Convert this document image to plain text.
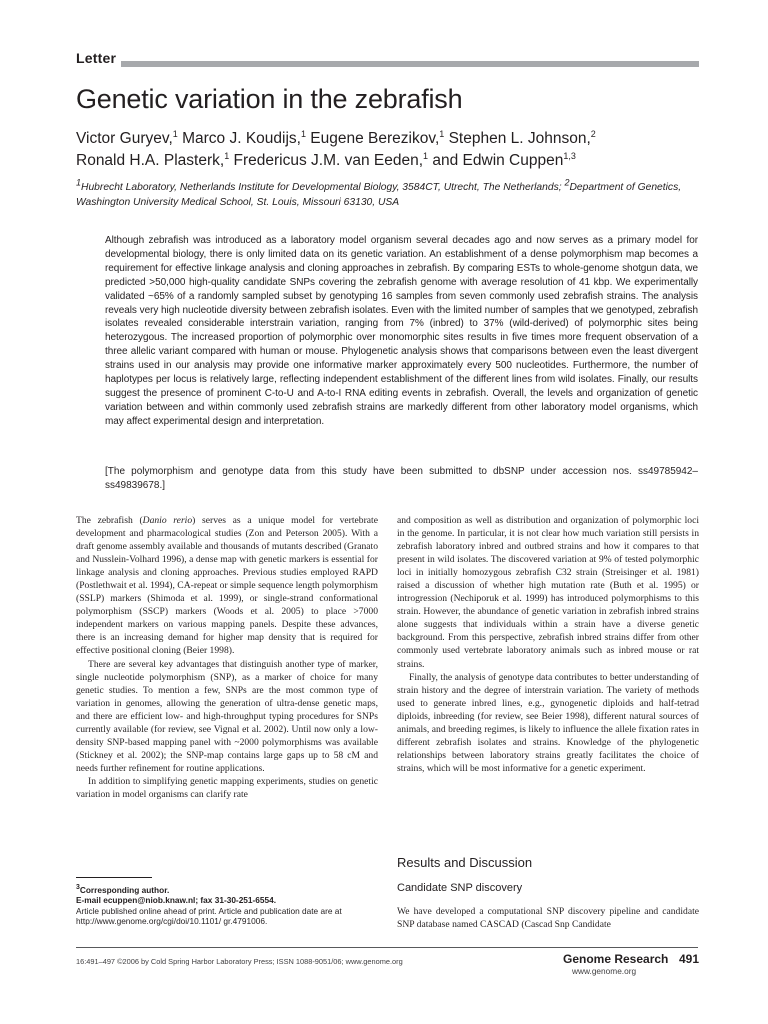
Letter
Genetic variation in the zebrafish
Victor Guryev,$^1$ Marco J. Koudijs,$^1$ Eugene Berezikov,$^1$ Stephen L. Johnson,$^2$
Ronald H.A. Plasterk,$^1$ Fredericus J.M. van Eeden,$^1$ and Edwin Cuppen$^{1,3}$

$^1$Hubrecht Laboratory, Netherlands Institute for Developmental Biology, 3584CT, Utrecht, The Netherlands; $^2$Department of Genetics, Washington University Medical School, St. Louis, Missouri 63130, USA

Although zebrafish was introduced as a laboratory model organism several decades ago and now serves as a primary model for developmental biology, there is only limited data on its genetic variation. An establishment of a dense polymorphism map becomes a requirement for effective linkage analysis and cloning approaches in zebrafish. By comparing ESTs to whole-genome shotgun data, we predicted >50,000 high-quality candidate SNPs covering the zebrafish genome with average resolution of 41 kbp. We experimentally validated ~65% of a randomly sampled subset by genotyping 16 samples from seven commonly used zebrafish strains. The analysis reveals very high nucleotide diversity between zebrafish isolates. Even with the limited number of samples that we genotyped, zebrafish isolates revealed considerable interstrain variation, ranging from 7% (inbred) to 37% (wild-derived) of polymorphic sites being heterozygous. The increased proportion of polymorphic over monomorphic sites results in five times more frequent observation of a three allelic variant compared with human or mouse. Phylogenetic analysis shows that comparisons between even the least divergent strains used in our analysis may provide one informative marker approximately every 500 nucleotides. Furthermore, the number of haplotypes per locus is relatively large, reflecting independent establishment of the different lines from wild isolates. Finally, our results suggest the presence of prominent C-to-U and A-to-I RNA editing events in zebrafish. Overall, the levels and organization of genetic variation between and within commonly used zebrafish strains are markedly different from other laboratory model organisms, which may affect experimental design and interpretation.

[The polymorphism and genotype data from this study have been submitted to dbSNP under accession nos. ss49785942–ss49839678.]

The zebrafish (Danio rerio) serves as a unique model for vertebrate development and pharmacological studies (Zon and Peterson 2005). With a draft genome assembly available and thousands of mutants described (Granato and Nusslein-Volhard 1996), a dense map with genetic markers is essential for linkage analysis and cloning approaches. Previous studies employed RAPD (Postlethwait et al. 1994), CA-repeat or simple sequence length polymorphism (SSLP) markers (Shimoda et al. 1999), or single-strand conformational polymorphism (SSCP) markers (Woods et al. 2005) to place >7000 independent markers on various mapping panels. Despite these advances, there is an increasing demand for higher map density that is required for effective positional cloning (Beier 1998).

There are several key advantages that distinguish another type of marker, single nucleotide polymorphism (SNP), as a marker of choice for many genetic studies. To mention a few, SNPs are the most common type of variation in genomes, allowing the generation of ultra-dense genetic maps, and there are efficient low- and high-throughput typing procedures for SNPs currently available (for review, see Vignal et al. 2002). Until now only a low-density SNP-based mapping panel with ~2000 polymorphisms was available (Stickney et al. 2002); the SNP-map contains large gaps up to 58 cM and needs further refinement for routine applications.

In addition to simplifying genetic mapping experiments, studies on genetic variation in model organisms can clarify rate

and composition as well as distribution and organization of polymorphic loci in the genome. In particular, it is not clear how much variation still persists in zebrafish laboratory inbred and outbred strains and how it compares to that present in wild isolates. The discovered variation at 9% of tested polymorphic loci in initially homozygous zebrafish C32 strain (Streisinger et al. 1981) raised a discussion of whether high mutation rate (Buth et al. 1995) or introgression (Nechiporuk et al. 1999) has introduced polymorphisms to this strain. However, the abundance of genetic variation in zebrafish inbred strains alone suggests that individuals within a strain have a diverse genetic background. From this perspective, zebrafish inbred strains differ from other commonly used vertebrate laboratory animals such as inbred mouse or rat strains.

Finally, the analysis of genotype data contributes to better understanding of strain history and the degree of interstrain variation. The variety of methods used to generate inbred lines, e.g., gynogenetic diploids and half-tetrad diploids, inbreeding (for review, see Beier 1998), different natural sources of animals, and breeding regimes, is likely to influence the allele fixation rates in different zebrafish isolates and strains. Knowledge of the phylogenetic relationships between laboratory strains greatly facilitates the choice of strains, which will be most informative for a genetic experiment.

Results and Discussion
Candidate SNP discovery

We have developed a computational SNP discovery pipeline and candidate SNP database named CASCAD (Cascad Snp Candidate

$^3$Corresponding author.
E-mail ecuppen@niob.knaw.nl; fax 31-30-251-6554.
Article published online ahead of print. Article and publication date are at
http://www.genome.org/cgi/doi/10.1101/ gr.4791006.
16:491–497 ©2006 by Cold Spring Harbor Laboratory Press; ISSN 1088-9051/06; www.genome.org	Genome Research 491
www.genome.org
